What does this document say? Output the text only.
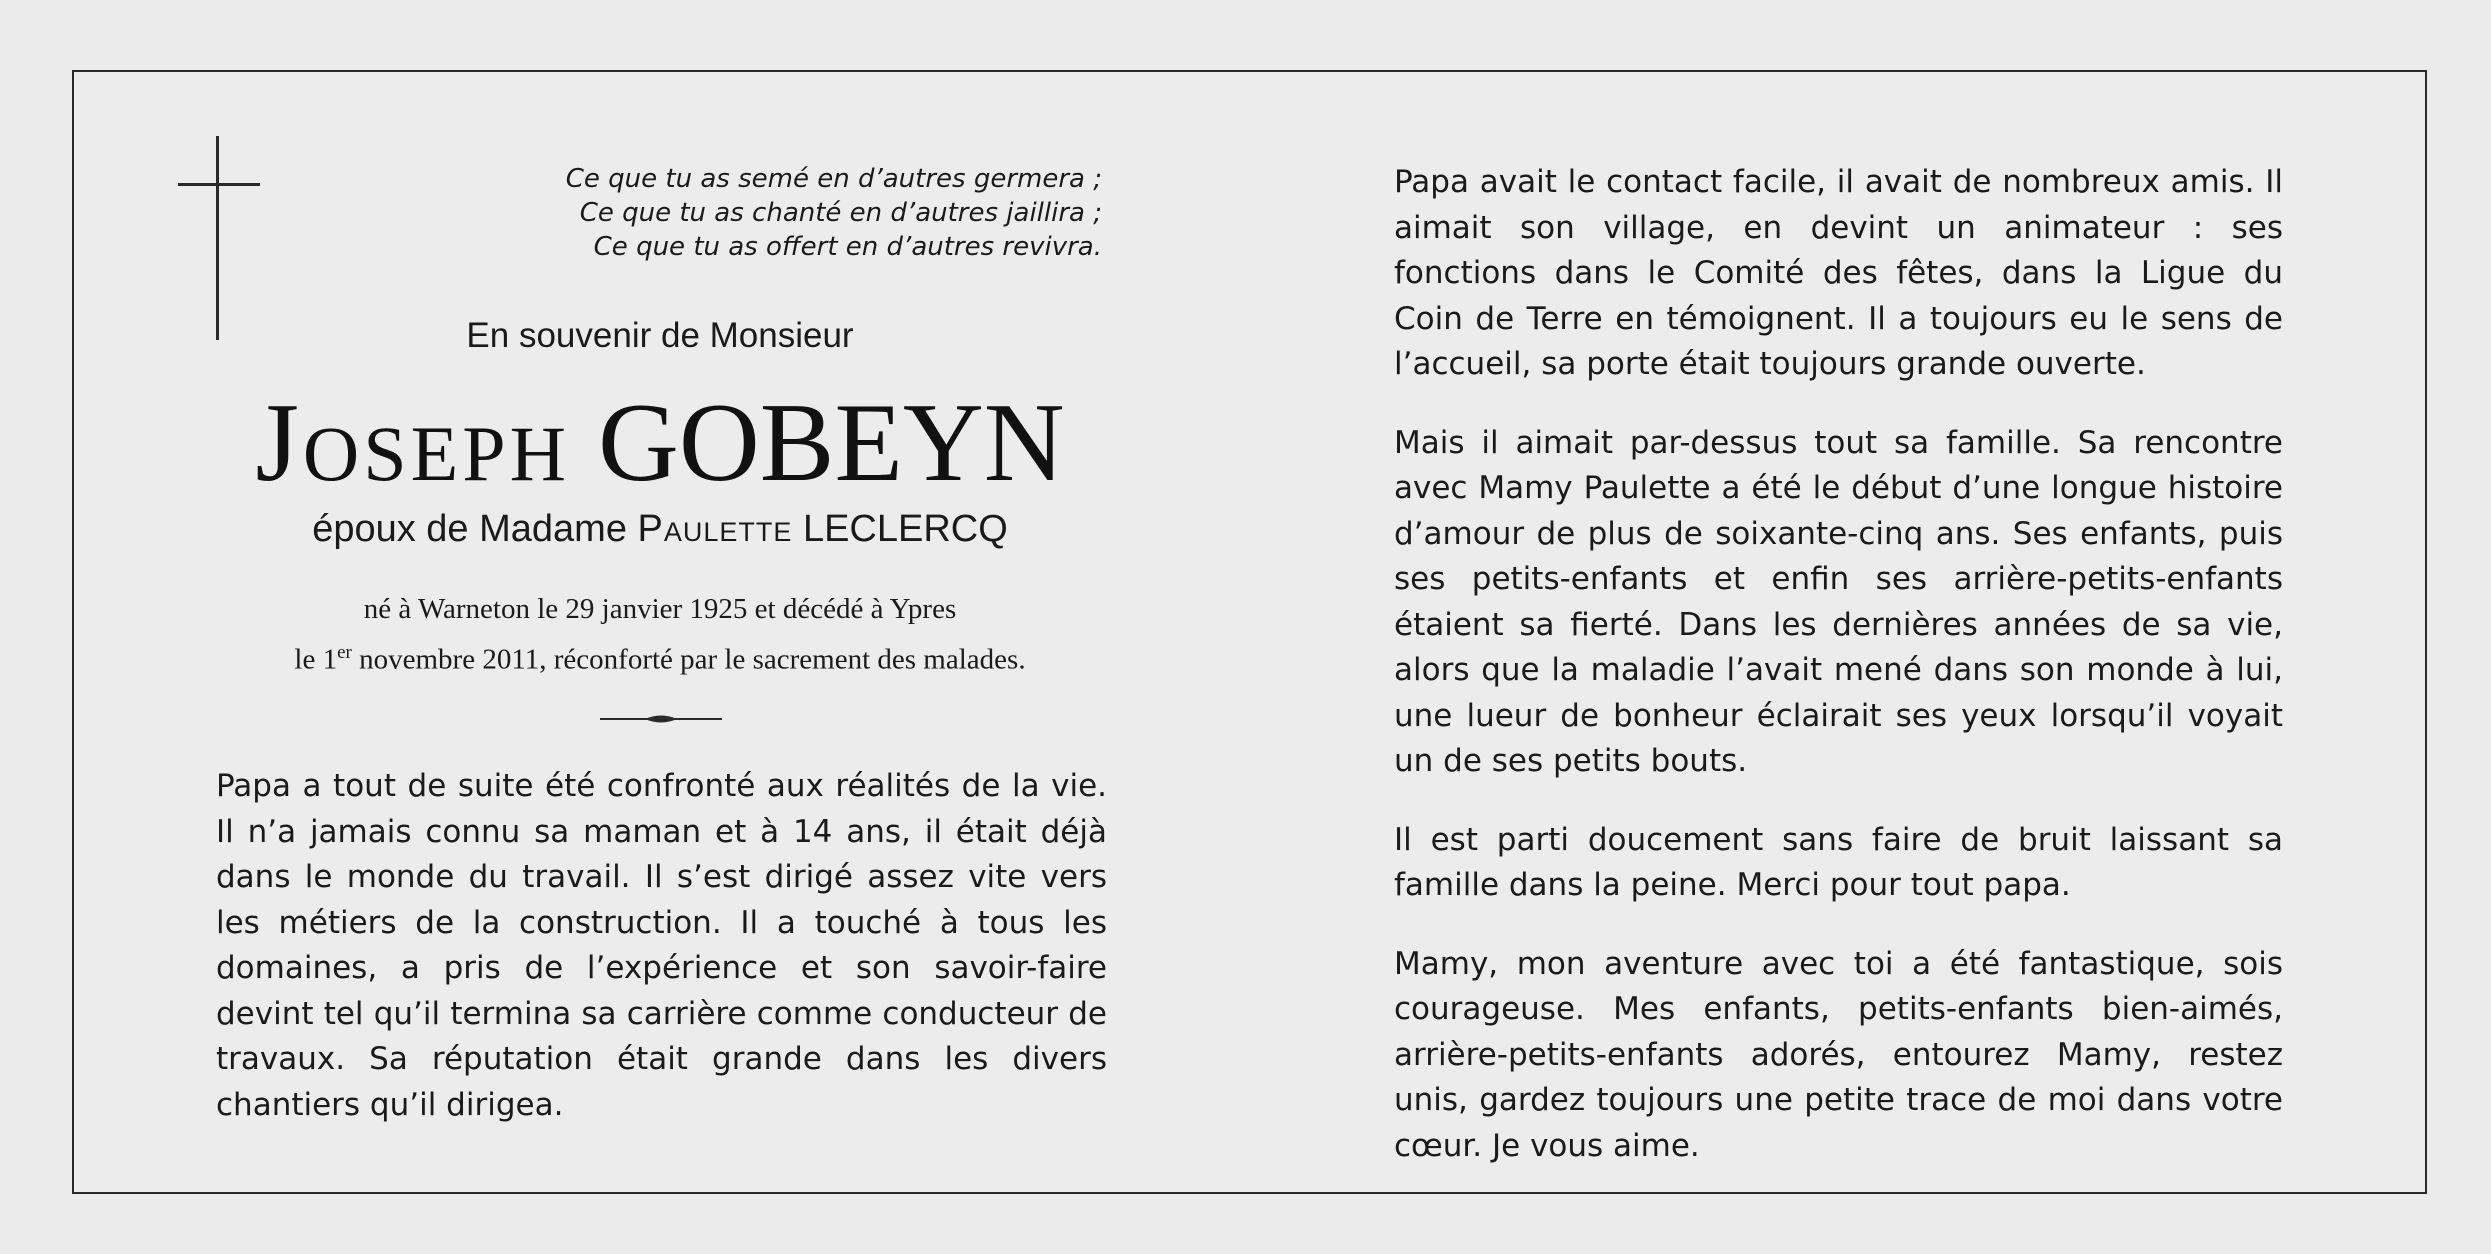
Ce que tu as semé en d’autres germera ;
Ce que tu as chanté en d’autres jaillira ;
Ce que tu as offert en d’autres revivra.
En souvenir de Monsieur
Joseph GOBEYN
époux de Madame Paulette LECLERCQ
né à Warneton le 29 janvier 1925 et décédé à Ypres
le 1er novembre 2011, réconforté par le sacrement des malades.

Papa a tout de suite été confronté aux réalités de la vie. Il n’a jamais connu sa maman et à 14 ans, il était déjà dans le monde du travail. Il s’est dirigé assez vite vers les métiers de la construction. Il a touché à tous les domaines, a pris de l’expérience et son savoir-faire devint tel qu’il termina sa carrière comme conducteur de travaux. Sa réputation était grande dans les divers chantiers qu’il dirigea.

Papa avait le contact facile, il avait de nombreux amis. Il aimait son village, en devint un animateur : ses fonctions dans le Comité des fêtes, dans la Ligue du Coin de Terre en témoignent. Il a toujours eu le sens de l’accueil, sa porte était toujours grande ouverte.

Mais il aimait par-dessus tout sa famille. Sa rencontre avec Mamy Paulette a été le début d’une longue histoire d’amour de plus de soixante-cinq ans. Ses enfants, puis ses petits-enfants et enfin ses arrière-petits-enfants étaient sa fierté. Dans les dernières années de sa vie, alors que la maladie l’avait mené dans son monde à lui, une lueur de bonheur éclairait ses yeux lorsqu’il voyait un de ses petits bouts.

Il est parti doucement sans faire de bruit laissant sa famille dans la peine. Merci pour tout papa.

Mamy, mon aventure avec toi a été fantastique, sois courageuse. Mes enfants, petits-enfants bien-aimés, arrière-petits-enfants adorés, entourez Mamy, restez unis, gardez toujours une petite trace de moi dans votre cœur. Je vous aime.
